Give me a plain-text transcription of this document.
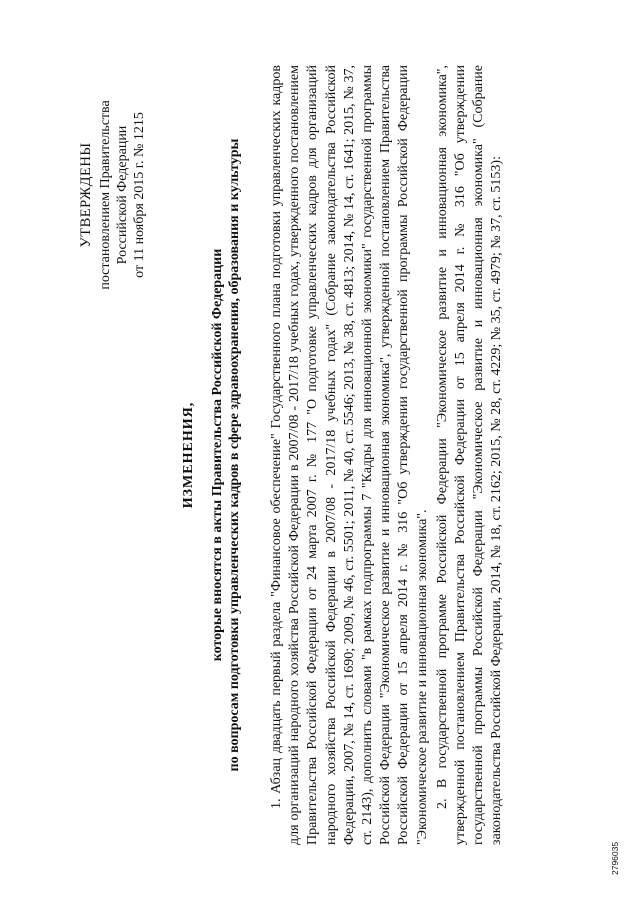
УТВЕРЖДЕНЫ постановлением Правительства Российской Федерации от 11 ноября 2015 г. № 1215
ИЗМЕНЕНИЯ, которые вносятся в акты Правительства Российской Федерации по вопросам подготовки управленческих кадров в сфере здравоохранения, образования и культуры 1. Абзац двадцать первый раздела "Финансовое обеспечение" Государственного плана подготовки управленческих кадров для организаций народного хозяйства Российской Федерации в 2007/08 - 2017/18 учебных годах, утвержденного постановлением Правительства Российской Федерации от 24 марта 2007 г. № 177 "О подготовке управленческих кадров для организаций народного хозяйства Российской Федерации в 2007/08 - 2017/18 учебных годах" (Собрание законодательства Российской Федерации, 2007, № 14, ст. 1690; 2009, № 46, ст. 5501; 2011, № 40, ст. 5546; 2013, № 38, ст. 4813; 2014, № 14, ст. 1641; 2015, № 37, ст. 2143), дополнить словами "в рамках подпрограммы 7 "Кадры для инновационной экономики" государственной программы Российской Федерации "Экономическое развитие и инновационная экономика", утвержденной постановлением Правительства Российской Федерации от 15 апреля 2014 г. № 316 "Об утверждении государственной программы Российской Федерации "Экономическое развитие и инновационная экономика". 2. В государственной программе Российской Федерации "Экономическое развитие и инновационная экономика", утвержденной постановлением Правительства Российской Федерации от 15 апреля 2014 г. № 316 "Об утверждении государственной программы Российской Федерации "Экономическое развитие и инновационная экономика" (Собрание законодательства Российской Федерации, 2014, № 18, ст. 2162; 2015, № 28, ст. 4229; № 35, ст. 4979; № 37, ст. 5153):

2796035
